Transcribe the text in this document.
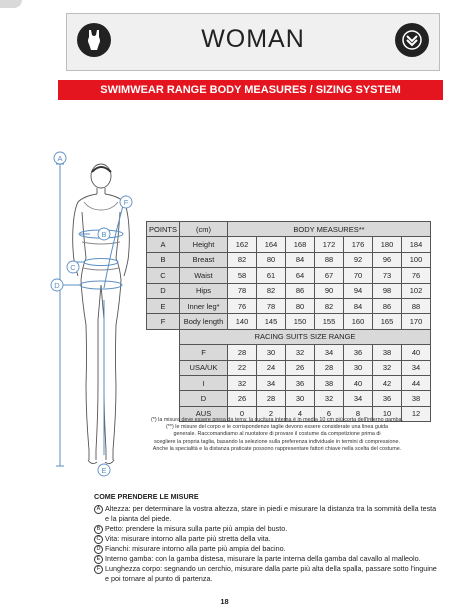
WOMAN
SWIMWEAR RANGE BODY MEASURES / SIZING SYSTEM
A
B
C
D
E
F
POINTS	(cm)	BODY MEASURES**						
A	Height	162	164	168	172	176	180	184
B	Breast	82	80	84	88	92	96	100
C	Waist	58	61	64	67	70	73	76
D	Hips	78	82	86	90	94	98	102
E	Inner leg*	76	78	80	82	84	86	88
F	Body length	140	145	150	155	160	165	170
	RACING SUITS SIZE RANGE							
	F	28	30	32	34	36	38	40
	USA/UK	22	24	26	28	30	32	34
	I	32	34	36	38	40	42	44
	D	26	28	30	32	34	36	38
	AUS	0	2	4	6	8	10	12

(*) la misura deve essere presa da terra; la cucitura interna è in media 10 cm più corta dell'interno gamba.

(**) le misure del corpo e le corrispondenze taglie devono essere considerate una linea guida

generale. Raccomandiamo al nuotatore di provare il costume da competizione prima di

scegliere la propria taglia, basando la selezione sulla preferenza individuale in termini di compressione.

Anche la specialità e la distanza praticate possono rappresentare fattori chiave nella scelta del costume.

COME PRENDERE LE MISURE
A Altezza: per determinare la vostra altezza, stare in piedi e misurare la distanza tra la sommità della testa e la pianta del piede.
B Petto: prendere la misura sulla parte più ampia del busto.
C Vita: misurare intorno alla parte più stretta della vita.
D Fianchi: misurare intorno alla parte più ampia del bacino.
E Interno gamba: con la gamba distesa, misurare la parte interna della gamba dal cavallo al malleolo.
F Lunghezza corpo: segnando un cerchio, misurare dalla parte più alta della spalla, passare sotto l'inguine e poi tornare al punto di partenza.
18
